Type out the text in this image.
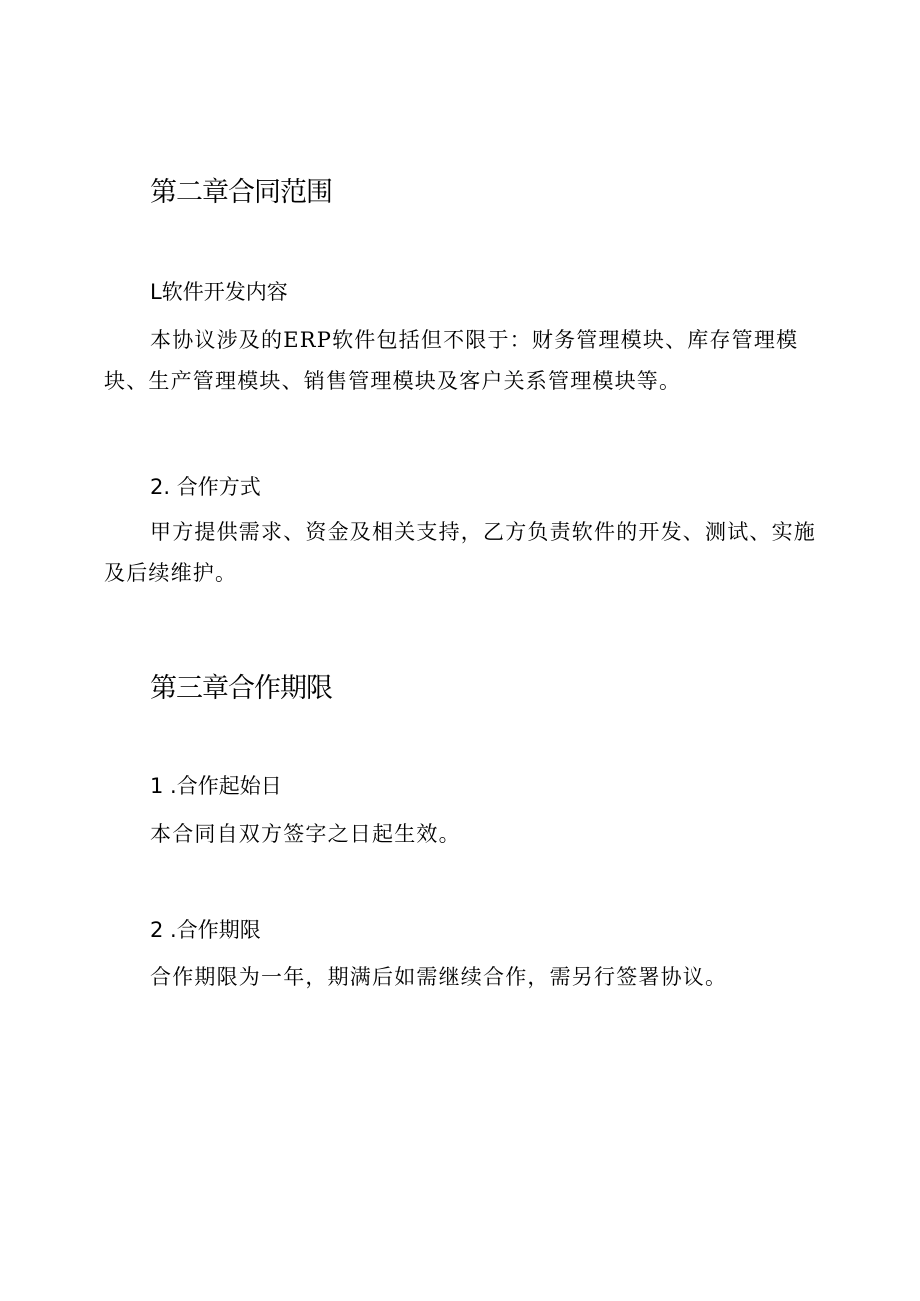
第二章合同范围
L软件开发内容

本协议涉及的ERP软件包括但不限于：财务管理模块、库存管理模块、生产管理模块、销售管理模块及客户关系管理模块等。

2. 合作方式

甲方提供需求、资金及相关支持，乙方负责软件的开发、测试、实施及后续维护。

第三章合作期限
1 .合作起始日

本合同自双方签字之日起生效。

2 .合作期限

合作期限为一年，期满后如需继续合作，需另行签署协议。
